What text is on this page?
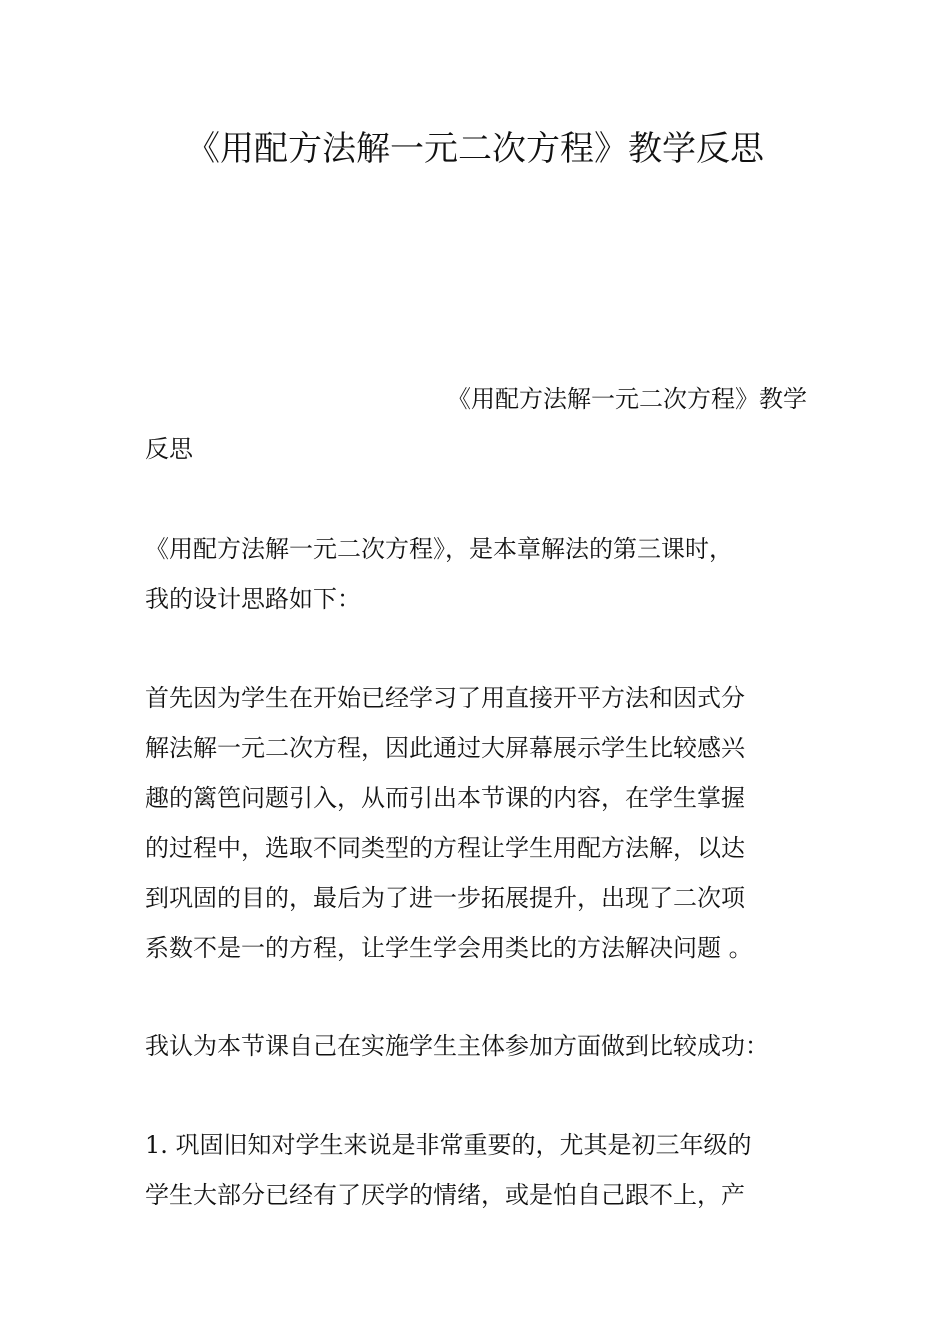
《用配方法解一元二次方程》教学反思
《用配方法解一元二次方程》教学
反思
《用配方法解一元二次方程》，是本章解法的第三课时，
我的设计思路如下：
首先因为学生在开始已经学习了用直接开平方法和因式分
解法解一元二次方程，因此通过大屏幕展示学生比较感兴
趣的篱笆问题引入，从而引出本节课的内容，在学生掌握
的过程中，选取不同类型的方程让学生用配方法解，以达
到巩固的目的，最后为了进一步拓展提升，出现了二次项
系数不是一的方程，让学生学会用类比的方法解决问题 。
我认为本节课自己在实施学生主体参加方面做到比较成功：
1. 巩固旧知对学生来说是非常重要的，尤其是初三年级的
学生大部分已经有了厌学的情绪，或是怕自己跟不上，产
